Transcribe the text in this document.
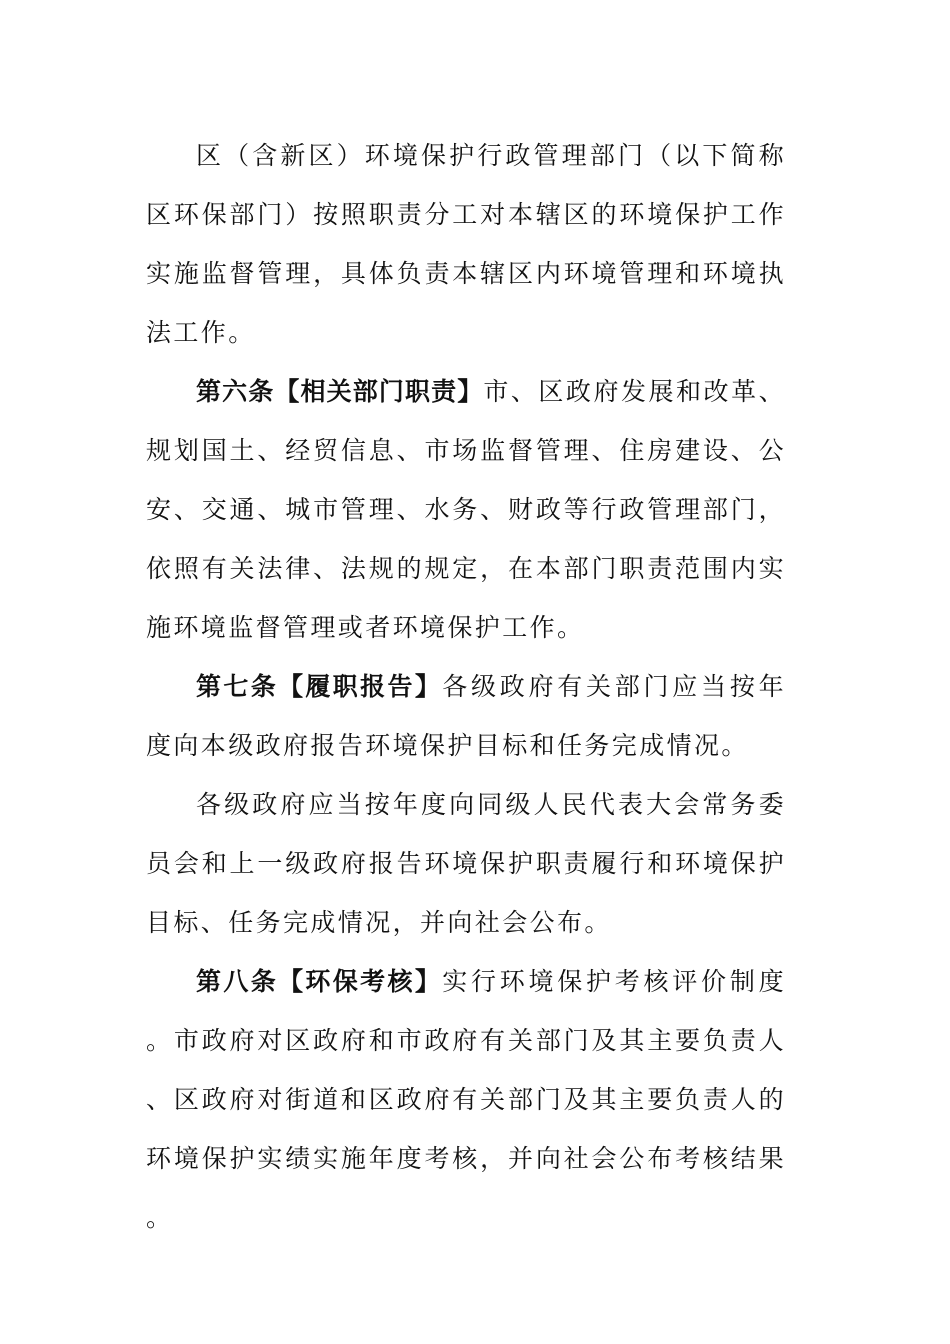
区（含新区）环境保护行政管理部门（以下简称区环保部门）按照职责分工对本辖区的环境保护工作实施监督管理，具体负责本辖区内环境管理和环境执法工作。

第六条【相关部门职责】市、区政府发展和改革、规划国土、经贸信息、市场监督管理、住房建设、公安、交通、城市管理、水务、财政等行政管理部门，依照有关法律、法规的规定，在本部门职责范围内实施环境监督管理或者环境保护工作。

第七条【履职报告】各级政府有关部门应当按年度向本级政府报告环境保护目标和任务完成情况。

各级政府应当按年度向同级人民代表大会常务委员会和上一级政府报告环境保护职责履行和环境保护目标、任务完成情况，并向社会公布。

第八条【环保考核】实行环境保护考核评价制度。市政府对区政府和市政府有关部门及其主要负责人、区政府对街道和区政府有关部门及其主要负责人的环境保护实绩实施年度考核，并向社会公布考核结果。
